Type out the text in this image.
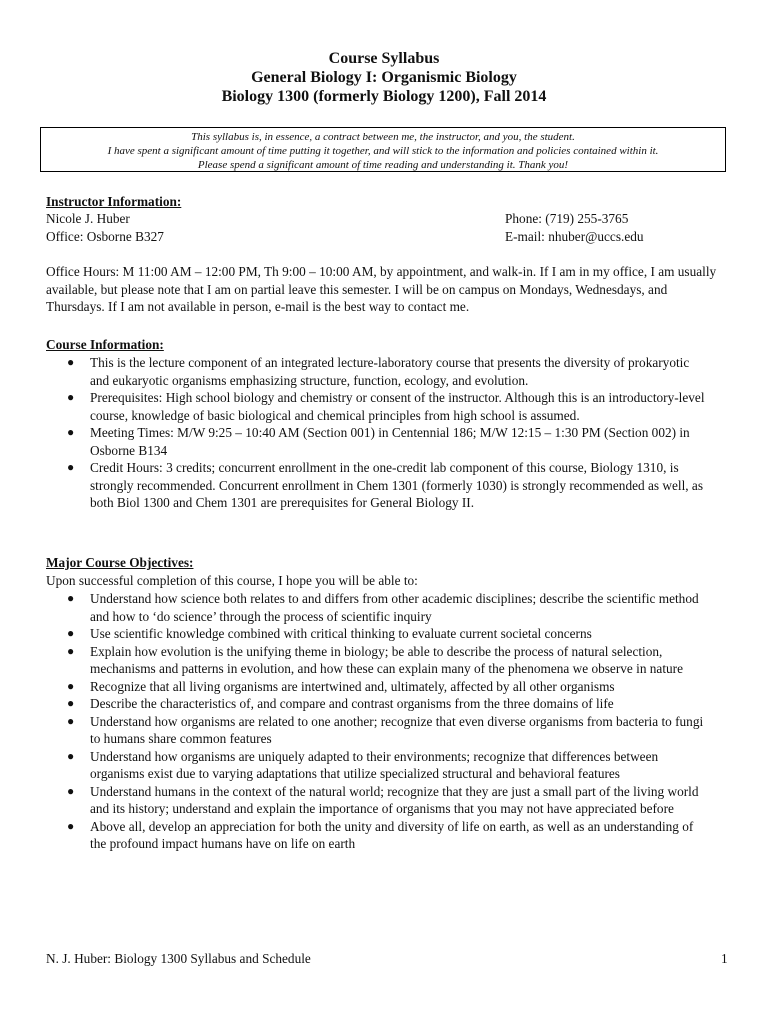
Course Syllabus
General Biology I: Organismic Biology
Biology 1300 (formerly Biology 1200), Fall 2014
This syllabus is, in essence, a contract between me, the instructor, and you, the student.
I have spent a significant amount of time putting it together, and will stick to the information and policies contained within it.
Please spend a significant amount of time reading and understanding it. Thank you!
Instructor Information:
Nicole J. Huber
Office: Osborne B327
Phone: (719) 255-3765
E-mail: nhuber@uccs.edu
Office Hours: M 11:00 AM – 12:00 PM, Th 9:00 – 10:00 AM, by appointment, and walk-in. If I am in my office, I am usually available, but please note that I am on partial leave this semester. I will be on campus on Mondays, Wednesdays, and Thursdays. If I am not available in person, e-mail is the best way to contact me.
Course Information:
● This is the lecture component of an integrated lecture-laboratory course that presents the diversity of prokaryotic and eukaryotic organisms emphasizing structure, function, ecology, and evolution.
● Prerequisites: High school biology and chemistry or consent of the instructor. Although this is an introductory-level course, knowledge of basic biological and chemical principles from high school is assumed.
● Meeting Times: M/W 9:25 – 10:40 AM (Section 001) in Centennial 186; M/W 12:15 – 1:30 PM (Section 002) in Osborne B134
● Credit Hours: 3 credits; concurrent enrollment in the one-credit lab component of this course, Biology 1310, is strongly recommended. Concurrent enrollment in Chem 1301 (formerly 1030) is strongly recommended as well, as both Biol 1300 and Chem 1301 are prerequisites for General Biology II.
Major Course Objectives:
Upon successful completion of this course, I hope you will be able to:
● Understand how science both relates to and differs from other academic disciplines; describe the scientific method and how to ‘do science’ through the process of scientific inquiry
● Use scientific knowledge combined with critical thinking to evaluate current societal concerns
● Explain how evolution is the unifying theme in biology; be able to describe the process of natural selection, mechanisms and patterns in evolution, and how these can explain many of the phenomena we observe in nature
● Recognize that all living organisms are intertwined and, ultimately, affected by all other organisms
● Describe the characteristics of, and compare and contrast organisms from the three domains of life
● Understand how organisms are related to one another; recognize that even diverse organisms from bacteria to fungi to humans share common features
● Understand how organisms are uniquely adapted to their environments; recognize that differences between organisms exist due to varying adaptations that utilize specialized structural and behavioral features
● Understand humans in the context of the natural world; recognize that they are just a small part of the living world and its history; understand and explain the importance of organisms that you may not have appreciated before
● Above all, develop an appreciation for both the unity and diversity of life on earth, as well as an understanding of the profound impact humans have on life on earth
N. J. Huber: Biology 1300 Syllabus and Schedule	1
